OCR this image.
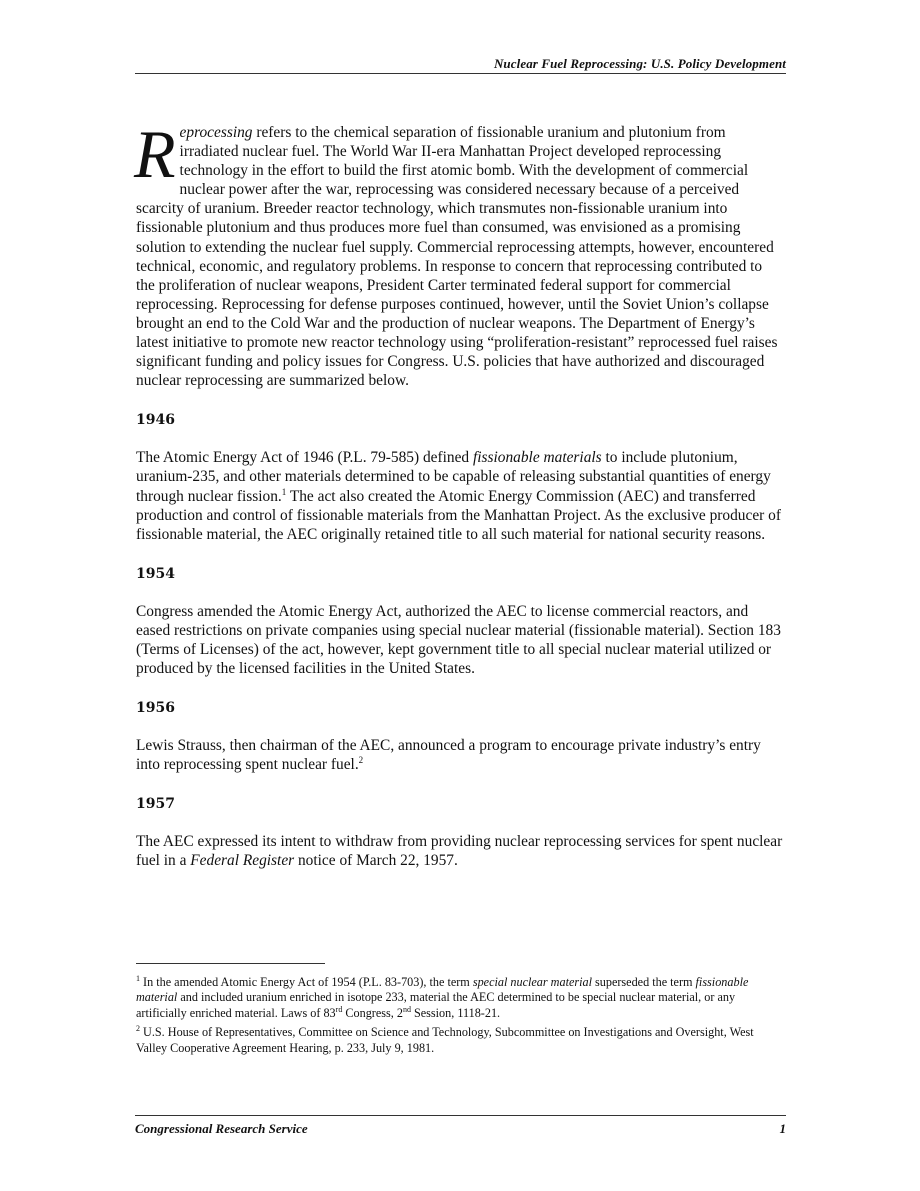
Nuclear Fuel Reprocessing: U.S. Policy Development

Reprocessing refers to the chemical separation of fissionable uranium and plutonium from irradiated nuclear fuel. The World War II-era Manhattan Project developed reprocessing technology in the effort to build the first atomic bomb. With the development of commercial nuclear power after the war, reprocessing was considered necessary because of a perceived scarcity of uranium. Breeder reactor technology, which transmutes non-fissionable uranium into fissionable plutonium and thus produces more fuel than consumed, was envisioned as a promising solution to extending the nuclear fuel supply. Commercial reprocessing attempts, however, encountered technical, economic, and regulatory problems. In response to concern that reprocessing contributed to the proliferation of nuclear weapons, President Carter terminated federal support for commercial reprocessing. Reprocessing for defense purposes continued, however, until the Soviet Union’s collapse brought an end to the Cold War and the production of nuclear weapons. The Department of Energy’s latest initiative to promote new reactor technology using “proliferation-resistant” reprocessed fuel raises significant funding and policy issues for Congress. U.S. policies that have authorized and discouraged nuclear reprocessing are summarized below.

1946

The Atomic Energy Act of 1946 (P.L. 79-585) defined fissionable materials to include plutonium, uranium-235, and other materials determined to be capable of releasing substantial quantities of energy through nuclear fission.$^1$ The act also created the Atomic Energy Commission (AEC) and transferred production and control of fissionable materials from the Manhattan Project. As the exclusive producer of fissionable material, the AEC originally retained title to all such material for national security reasons.

1954

Congress amended the Atomic Energy Act, authorized the AEC to license commercial reactors, and eased restrictions on private companies using special nuclear material (fissionable material). Section 183 (Terms of Licenses) of the act, however, kept government title to all special nuclear material utilized or produced by the licensed facilities in the United States.

1956

Lewis Strauss, then chairman of the AEC, announced a program to encourage private industry’s entry into reprocessing spent nuclear fuel.$^2$

1957

The AEC expressed its intent to withdraw from providing nuclear reprocessing services for spent nuclear fuel in a Federal Register notice of March 22, 1957.

$^1$ In the amended Atomic Energy Act of 1954 (P.L. 83-703), the term special nuclear material superseded the term fissionable material and included uranium enriched in isotope 233, material the AEC determined to be special nuclear material, or any artificially enriched material. Laws of 83rd Congress, 2nd Session, 1118-21.

$^2$ U.S. House of Representatives, Committee on Science and Technology, Subcommittee on Investigations and Oversight, West Valley Cooperative Agreement Hearing, p. 233, July 9, 1981.

Congressional Research Service	1
